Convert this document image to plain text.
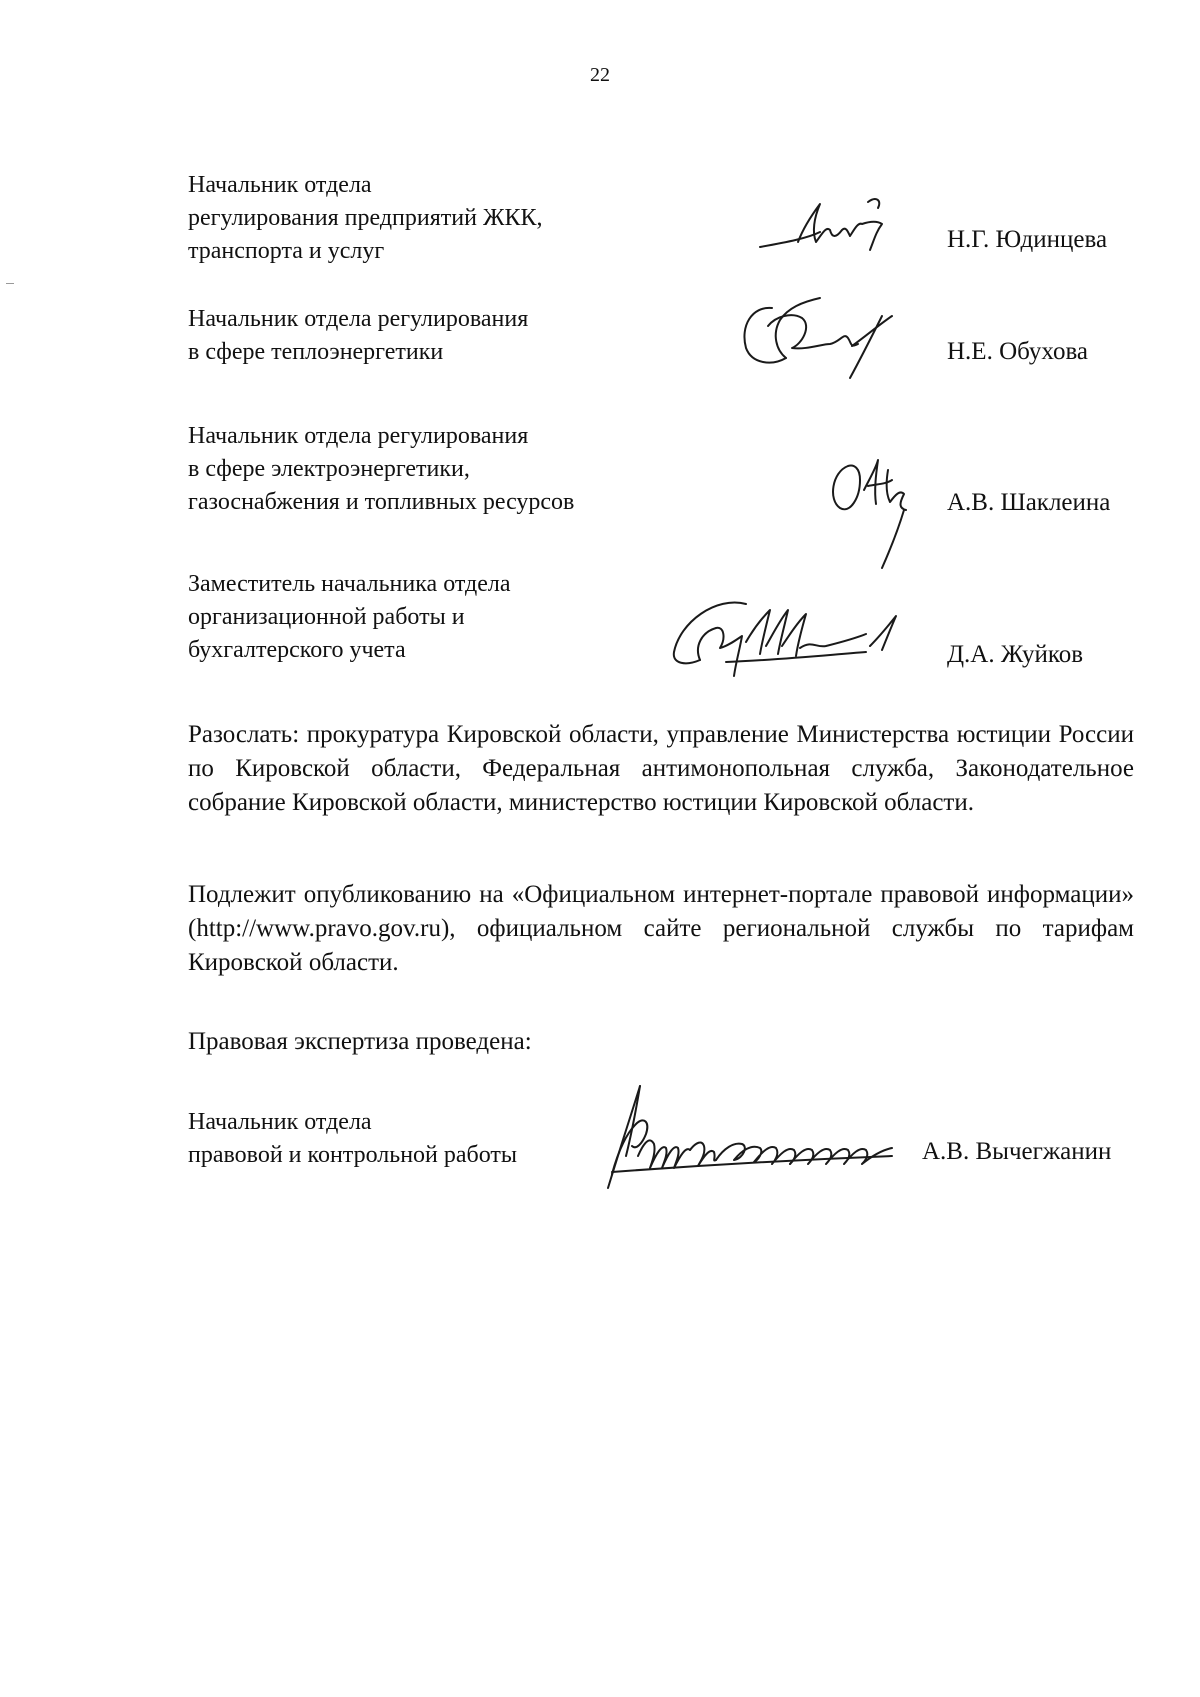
22
Начальник отдела
регулирования предприятий ЖКК,
транспорта и услуг	Н.Г. Юдинцева
Начальник отдела регулирования
в сфере теплоэнергетики	Н.Е. Обухова
Начальник отдела регулирования
в сфере электроэнергетики,
газоснабжения и топливных ресурсов	А.В. Шаклеина
Заместитель начальника отдела
организационной работы и
бухгалтерского учета	Д.А. Жуйков
Разослать: прокуратура Кировской области, управление Министерства юстиции России по Кировской области, Федеральная антимонопольная служба, Законодательное собрание Кировской области, министерство юстиции Кировской области.
Подлежит опубликованию на «Официальном интернет-портале правовой информации» (http://www.pravo.gov.ru), официальном сайте региональной службы по тарифам Кировской области.
Правовая экспертиза проведена:
Начальник отдела
правовой и контрольной работы	А.В. Вычегжанин
